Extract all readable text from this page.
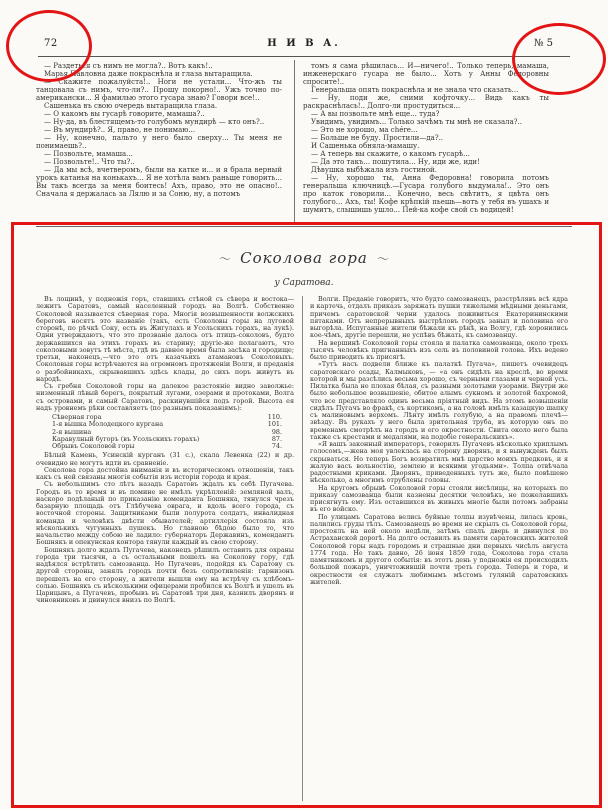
72	Н И В А.	№ 5

— Раздеться съ нимъ не могла?.. Вотъ какъ!..

Марья Павловна даже покраснѣла и глаза вытаращила.

— Скажите пожалуйста!.. Ноги не устали... Что-жъ ты танцовала съ нимъ, что-ли?.. Прошу покорно!.. Ужъ точно по-американски... Я фамилью этого гусара знаю? Говори все!..

Сашенька въ свою очередь вытаращила глаза.

— О какомъ вы гусарѣ говорите, мамаша?..

— Ну-да, въ блестящемъ-то голубомъ мундирѣ — кто онъ?..

— Въ мундирѣ?.. Я, право, не понимаю...

— Ну, конечно, пальто у него было сверху... Ты меня не понимаешь?..

— Позвольте, мамаша...

— Позвольте!.. Что ты?..

— Да мы всѣ, вчетверомъ, были на катке и... и я брала верный урокъ катанья на конькахъ... Я не хотѣла вамъ раньше говорить... Вы такъ всегда за меня боитесь! Ахъ, право, это не опасно!.. Сначала я держалась за Лялю и за Соню, ну, а потомъ

томъ я сама рѣшилась... И—ничего!.. Только теперь, мамаша, инженерскаго гусара не было... Хотъ у Анны Федоровны спросите!..

Генеральша опять покраснѣла и не знала что сказать...

— Ну, поди же, сними кофточку... Видь какъ ты раскраснѣлась!.. Долго-ли простудиться...

— А вы позвольте мнѣ еще... туда?

Увидимъ, увидимъ... Только зачѣмъ ты мнѣ не сказала?..

— Это не хорошо, ма сhére...

— Больше не буду. Простили—да?..

И Сашенька обняла-мамашу.

— А теперь вы скажите, о какомъ гусарѣ...

— Да это такъ... пошутила... Ну, иди же, иди!

Дѣвушка выбѣжала изъ гостиной.

— Ну, хорошо ты, Анна Федоровна! говорила потомъ генеральша ключницѣ.—Гусара голубого выдумала!.. Это онъ про каток говорили... Конечно, весь свѣтитъ, я цвѣта онъ голубого... Ахъ, ты! Кофе крѣпкій пьешь—вотъ у тебя въ ушахъ и шумитъ, слышишь ушло... Пей-ка кофе свой съ водицей!

～ Соколова гора ～
у Саратова.

Въ лощинѣ, у подножія горъ, ставшихъ стѣной съ сѣвера и востока—лежитъ Саратовъ, самый населенный городъ на Волгѣ. Собственно Соколовой называется сѣверная гора. Многія возвышенности волжскихъ береговъ носятъ это названіе (такъ, есть Соколовы горы на луговой сторонѣ, по рѣчкѣ Соку, есть въ Жигулахъ и Усольскихъ горахъ, на лукѣ). Одни утверждаютъ, что это прозваніе далось отъ птицъ-соколовъ, будто державшихся на этихъ горахъ въ старину; другіе-же полагаютъ, что соколовыми зовутъ тѣ мѣста, гдѣ въ давнее время была засѣка и городище; третьи, наконецъ,—что это отъ казачьихъ атамановъ Соколовыхъ. Соколовыя горы встрѣчаются на огромномъ протяженіи Волги, и преданія о разбойникахъ, скрывавшихъ здѣсь клады, до сихъ поръ живутъ въ народѣ.

Съ гребня Соколовой горы на далекое разстояніе видно заволжье: низменный лѣвый берегъ, покрытый лугами, озерами и протоками, Волга съ островами, и самый Саратовъ, раскинувшійся подъ горой. Высота ея надъ уровнемъ рѣки составляетъ (по разнымъ показаніямъ):

Сѣверная гора	110.
1-я вышка Молодецкого кургана	101.
2-я вышина	98.
Каравулный бугоръ (въ Усольскихъ горахъ)	87.
Обрывъ Соколовой горы	74.

Бѣлый Камень, Усинскій курганъ (31 с.), скала Левенка (22) и др. очевидно не могутъ идти въ сравненіе.

Соколова гора достойна вниманія и въ историческомъ отношеніи, такъ какъ съ ней связаны многія событія изъ исторіи города и края.

Съ небольшимъ сто лѣтъ назадъ Саратовъ ждалъ къ себѣ Пугачева. Городъ въ то время и въ помине не имѣлъ укрѣпленій: земляной валъ, наскоро подѣланый по приказанію коменданта Бошняка, тянулся чрезъ базарную площадь отъ Глѣбучева оврага, и вдоль всего города, съ восточной стороны. Защитниками были полурота солдатъ, инвалидная команда и человѣкъ двѣсти обывателей; артиллерія состояла изъ нѣсколькихъ чугунныхъ пушекъ. Но главною бѣдою было то, что начальство между собою не ладило: губернаторъ Державинъ, комендантъ Бошнякъ и опекунская контора тянули каждый въ свою сторону.

Бошнякъ долго ждалъ Пугачева, наконецъ рѣшилъ оставить для охраны города три тысячи, а съ остальными пошелъ на Соколову гору, гдѣ надѣялся встрѣтить самозванца. Но Пугачевъ, подойдя къ Саратову съ другой стороны, занялъ городъ почти безъ сопротивленія: гарнизонъ перешелъ на его сторону, а жители вышли ему на встрѣчу съ хлѣбомъ-солью. Бошнякъ съ нѣсколькими офицерами пробился къ Волгѣ и ушелъ въ Царицынъ, а Пугачевъ, пробывъ въ Саратовѣ три дня, казнилъ дворянъ и чиновниковъ и двинулся внизъ по Волгѣ.

Волги. Преданіе говоритъ, что будто самозванецъ, разстрѣлявъ всѣ ядра и картечь, отдалъ приказъ заряжать пушки тяжелыми мѣдными деньгами, причемъ саратовской черни удалось поживиться Екатерининскими пятаками. Отъ непрерывныхъ выстрѣловъ городъ заныл и половина его выгорѣла. Испуганные жители бѣжали къ рѣкѣ, на Волгу, гдѣ хоронились кое-чѣмъ, другіе перешли, не успѣвъ бѣжать, къ самозванцу.

На вершинѣ Соколовой горы стояла и палатка самозванца, около трехъ тысячъ человѣкъ пригнанныхъ изъ сель въ половиной голова. Ихъ ведено было приводить къ присягѣ.

«Тутъ насъ подвели ближе къ палаткѣ Пугача», пишетъ очевидецъ саратовскаго осады, Калмыковъ, — «а онъ сидѣлъ на креслѣ, во время которой и мы разсѣлись весьма хорошо, съ черными глазами и черной усъ. Пилатка была не плохая бѣлая, съ разными золотыми узорами. Внутри же было небольшое возвышеніе, обитое алымъ сукномъ и золотой бахромой, что все представляло одинъ весьма пріятный видъ. На этомъ возвышеніи сидѣлъ Пугачъ во фракѣ, съ кортикомъ, а на головѣ имѣлъ казацкую шапку съ малиновымъ верхомъ. Лѣнту имѣлъ голубую, а на правомъ плечѣ—звѣзду. Въ рукахъ у него была зрительная труба, въ которую онъ по временамъ смотрѣлъ на городъ и его окрестности. Свита около него была также съ крестами и медалями, на подобіе генеральскихъ».

«Я вашъ законный императоръ, говорилъ Пугачевъ нѣсколько хриплымъ голосомъ,—жена моя увлеклась на сторону дворянъ, и я вынужденъ былъ скрываться. Но теперь Богъ возвратилъ мнѣ царство моихъ предковъ, и я жалую васъ вольностію, землею и всякими угодьями». Толпа отвѣчала радостными криками. Дворянъ, приведенныхъ тутъ же, было повѣшено нѣсколько, а многимъ отрублены головы.

На кругомъ обрывѣ Соколовой горы стояли висѣлицы, на которыхъ по приказу самозванца были казнены десятки человѣкъ, не пожелавшихъ присягнуть ему. Изъ оставшихся въ живыхъ многіе были потомъ забраны въ его войско.

По улицамъ Саратова велись буйные толпы изувѣчены, лилась кровь, палились груды тѣлъ. Самозванецъ во время не скрылъ съ Соколовой горы, простоялъ на ней около недѣли, затѣмъ спалъ дверь и двинулся по Астраханской дорогѣ. На долго оставилъ въ памяти саратовскихъ жителей Соколовой горы надъ городомъ и страшные дни первыхъ чисѣлъ августа 1774 года. Не такъ давно, 26 іюня 1859 года, Соколова гора стала памятникомъ и другого событія: въ этотъ день у подножія ея происходилъ большой пожаръ, уничтожившій почти треть города. Теперь и гора, и окрестности ея служатъ любимымъ мѣстомъ гуляній саратовскихъ жителей.
